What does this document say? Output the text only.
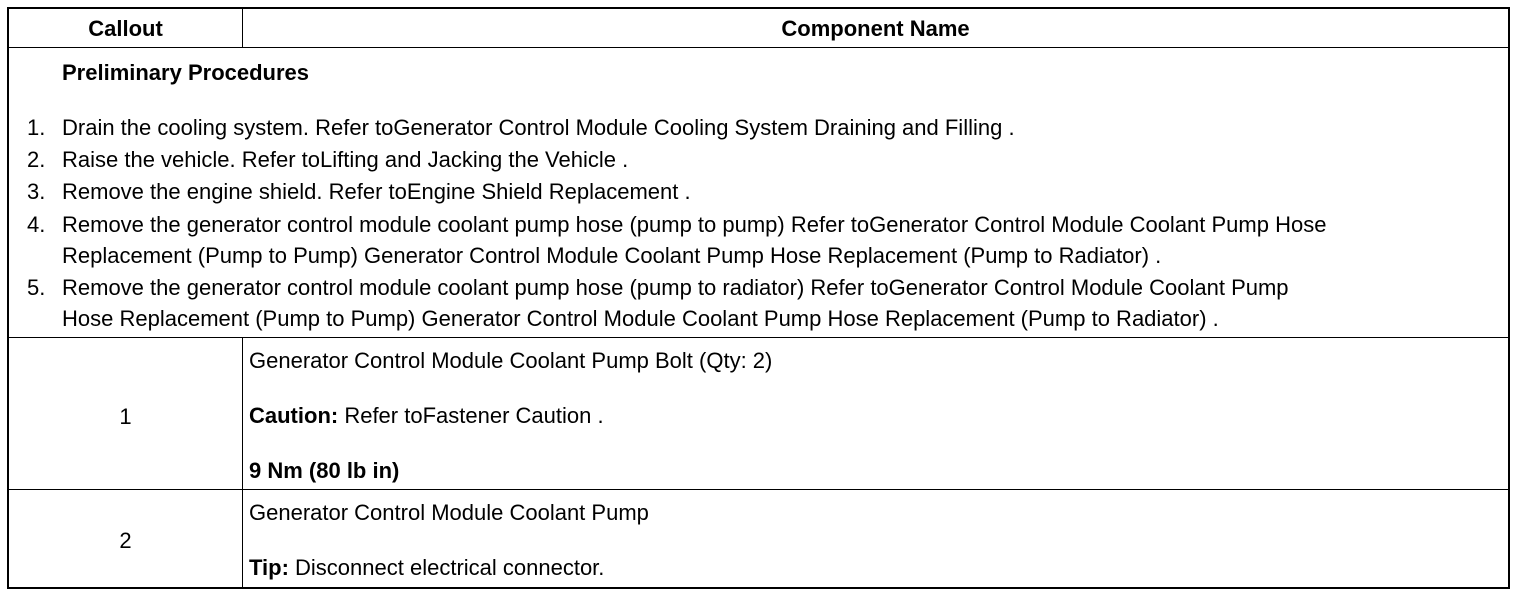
Callout	Component Name
Preliminary Procedures
1. Drain the cooling system. Refer toGenerator Control Module Cooling System Draining and Filling .
2. Raise the vehicle. Refer toLifting and Jacking the Vehicle .
3. Remove the engine shield. Refer toEngine Shield Replacement .
4. Remove the generator control module coolant pump hose (pump to pump) Refer toGenerator Control Module Coolant Pump Hose
Replacement (Pump to Pump) Generator Control Module Coolant Pump Hose Replacement (Pump to Radiator) .
5. Remove the generator control module coolant pump hose (pump to radiator) Refer toGenerator Control Module Coolant Pump
Hose Replacement (Pump to Pump) Generator Control Module Coolant Pump Hose Replacement (Pump to Radiator) .
1
Generator Control Module Coolant Pump Bolt (Qty: 2)
Caution: Refer toFastener Caution .
9 Nm (80 lb in)
2
Generator Control Module Coolant Pump
Tip: Disconnect electrical connector.
